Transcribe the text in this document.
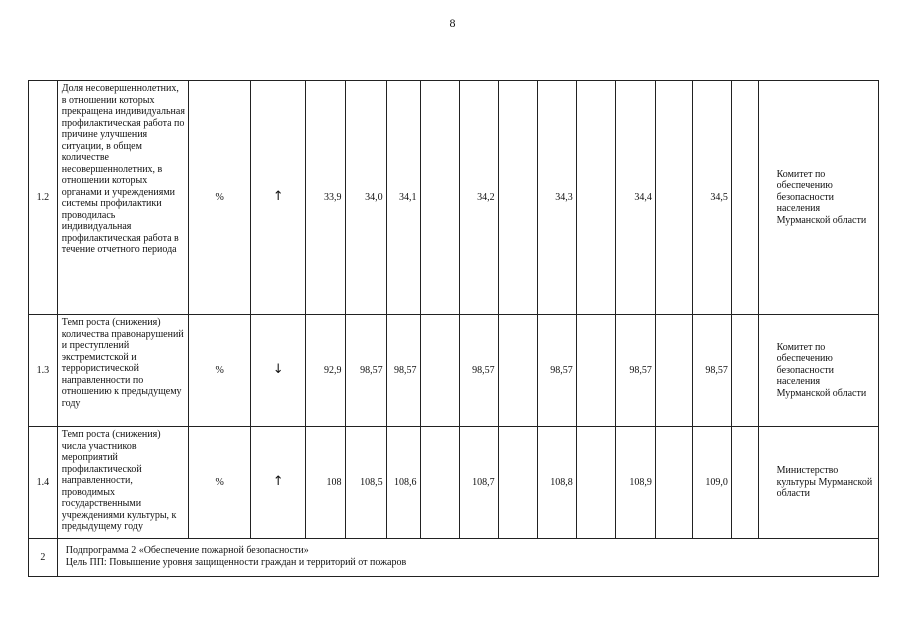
8
1.2	Доля несовершеннолетних, в отношении которых прекращена индивидуальная профилактическая работа по причине улучшения ситуации, в общем количестве несовершеннолетних, в отношении которых органами и учреждениями системы профилактики проводилась индивидуальная профилактическая работа в течение отчетного периода	%	↑	33,9	34,0	34,1		34,2		34,3		34,4		34,5		Комитет по обеспечению безопасности населения Мурманской области
1.3	Темп роста (снижения) количества правонарушений и преступлений экстремистской и террористической направленности по отношению к предыдущему году	%	↓	92,9	98,57	98,57		98,57		98,57		98,57		98,57		Комитет по обеспечению безопасности населения Мурманской области
1.4	Темп роста (снижения) числа участников мероприятий профилактической направленности, проводимых государственными учреждениями культуры, к предыдущему году	%	↑	108	108,5	108,6		108,7		108,8		108,9		109,0		Министерство культуры Мурманской области
2	Подпрограмма 2 «Обеспечение пожарной безопасности»
Цель ПП: Повышение уровня защищенности граждан и территорий от пожаров															
